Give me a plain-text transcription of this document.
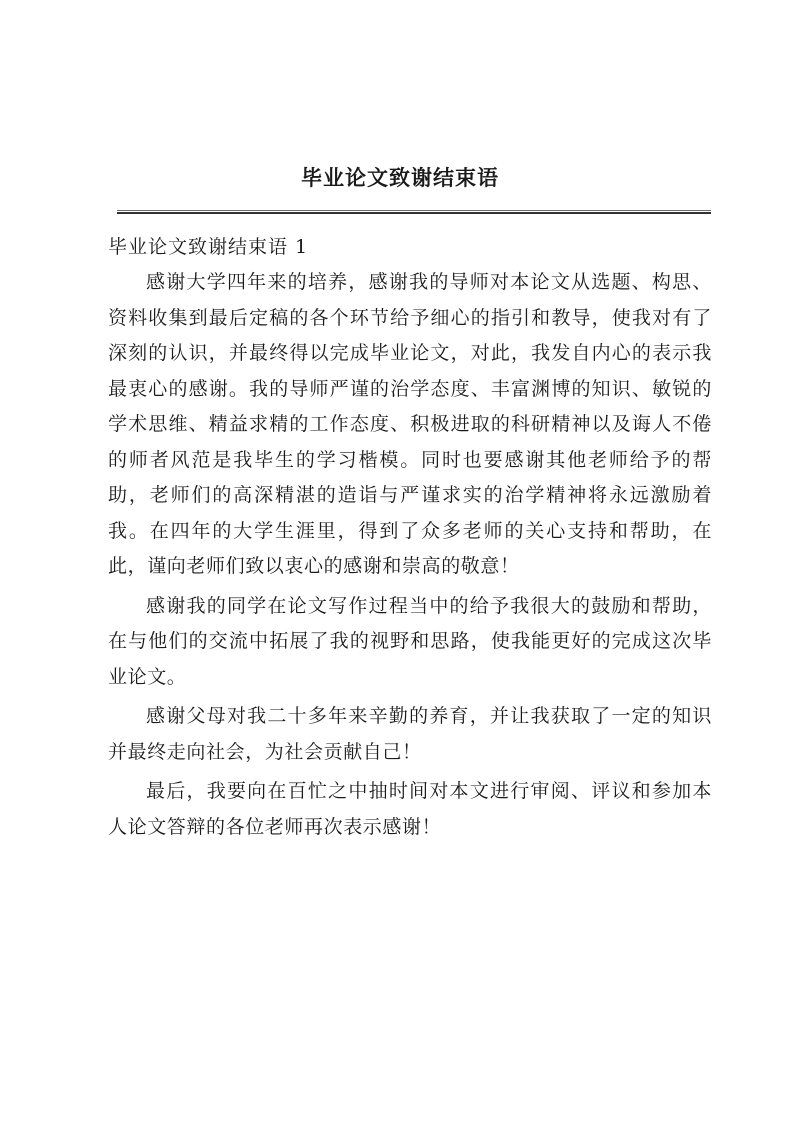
毕业论文致谢结束语

毕业论文致谢结束语 1

感谢大学四年来的培养，感谢我的导师对本论文从选题、构思、资料收集到最后定稿的各个环节给予细心的指引和教导，使我对有了深刻的认识，并最终得以完成毕业论文，对此，我发自内心的表示我最衷心的感谢。我的导师严谨的治学态度、丰富渊博的知识、敏锐的学术思维、精益求精的工作态度、积极进取的科研精神以及诲人不倦的师者风范是我毕生的学习楷模。同时也要感谢其他老师给予的帮助，老师们的高深精湛的造诣与严谨求实的治学精神将永远激励着我。在四年的大学生涯里，得到了众多老师的关心支持和帮助，在此，谨向老师们致以衷心的感谢和崇高的敬意！

感谢我的同学在论文写作过程当中的给予我很大的鼓励和帮助，在与他们的交流中拓展了我的视野和思路，使我能更好的完成这次毕业论文。

感谢父母对我二十多年来辛勤的养育，并让我获取了一定的知识并最终走向社会，为社会贡献自己！

最后，我要向在百忙之中抽时间对本文进行审阅、评议和参加本人论文答辩的各位老师再次表示感谢！
